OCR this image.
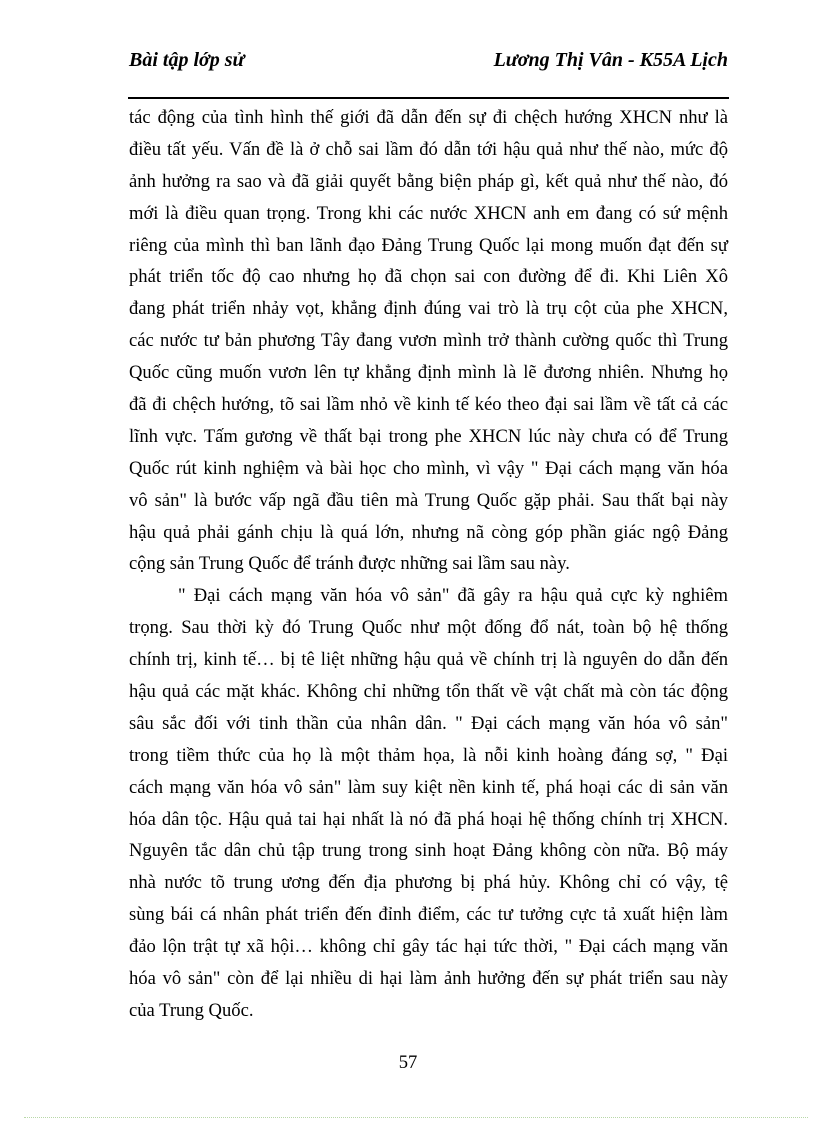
Bài tập lớp sử	Lương Thị Vân - K55A Lịch
tác động của tình hình thế giới đã dẫn đến sự đi chệch hướng XHCN như là
điều tất yếu. Vấn đề là ở chỗ sai lầm đó dẫn tới hậu quả như thế nào, mức độ
ảnh hưởng ra sao và đã giải quyết bằng biện pháp gì, kết quả như thế nào, đó
mới là điều quan trọng. Trong khi các nước XHCN anh em đang có sứ mệnh
riêng của mình thì ban lãnh đạo Đảng Trung Quốc lại mong muốn đạt đến sự
phát triển tốc độ cao nhưng họ đã chọn sai con đường để đi. Khi Liên Xô
đang phát triển nhảy vọt, khẳng định đúng vai trò là trụ cột của phe XHCN,
các nước tư bản phương Tây đang vươn mình trở thành cường quốc thì Trung
Quốc cũng muốn vươn lên tự khẳng định mình là lẽ đương nhiên. Nhưng họ
đã đi chệch hướng, tõ sai lầm nhỏ về kinh tế kéo theo đại sai lầm về tất cả các
lĩnh vực. Tấm gương về thất bại trong phe XHCN lúc này chưa có để Trung
Quốc rút kinh nghiệm và bài học cho mình, vì vậy " Đại cách mạng văn hóa
vô sản" là bước vấp ngã đầu tiên mà Trung Quốc gặp phải. Sau thất bại này
hậu quả phải gánh chịu là quá lớn, nhưng nã còng góp phần giác ngộ Đảng
cộng sản Trung Quốc để tránh được những sai lầm sau này.
" Đại cách mạng văn hóa vô sản" đã gây ra hậu quả cực kỳ nghiêm
trọng. Sau thời kỳ đó Trung Quốc như một đống đổ nát, toàn bộ hệ thống
chính trị, kinh tế… bị tê liệt những hậu quả về chính trị là nguyên do dẫn đến
hậu quả các mặt khác. Không chỉ những tổn thất về vật chất mà còn tác động
sâu sắc đối với tinh thần của nhân dân. " Đại cách mạng văn hóa vô sản"
trong tiềm thức của họ là một thảm họa, là nỗi kinh hoàng đáng sợ, " Đại
cách mạng văn hóa vô sản" làm suy kiệt nền kinh tế, phá hoại các di sản văn
hóa dân tộc. Hậu quả tai hại nhất là nó đã phá hoại hệ thống chính trị XHCN.
Nguyên tắc dân chủ tập trung trong sinh hoạt Đảng không còn nữa. Bộ máy
nhà nước tõ trung ương đến địa phương bị phá hủy. Không chỉ có vậy, tệ
sùng bái cá nhân phát triển đến đỉnh điểm, các tư tưởng cực tả xuất hiện làm
đảo lộn trật tự xã hội… không chỉ gây tác hại tức thời, " Đại cách mạng văn
hóa vô sản" còn để lại nhiều di hại làm ảnh hưởng đến sự phát triển sau này
của Trung Quốc.
57
